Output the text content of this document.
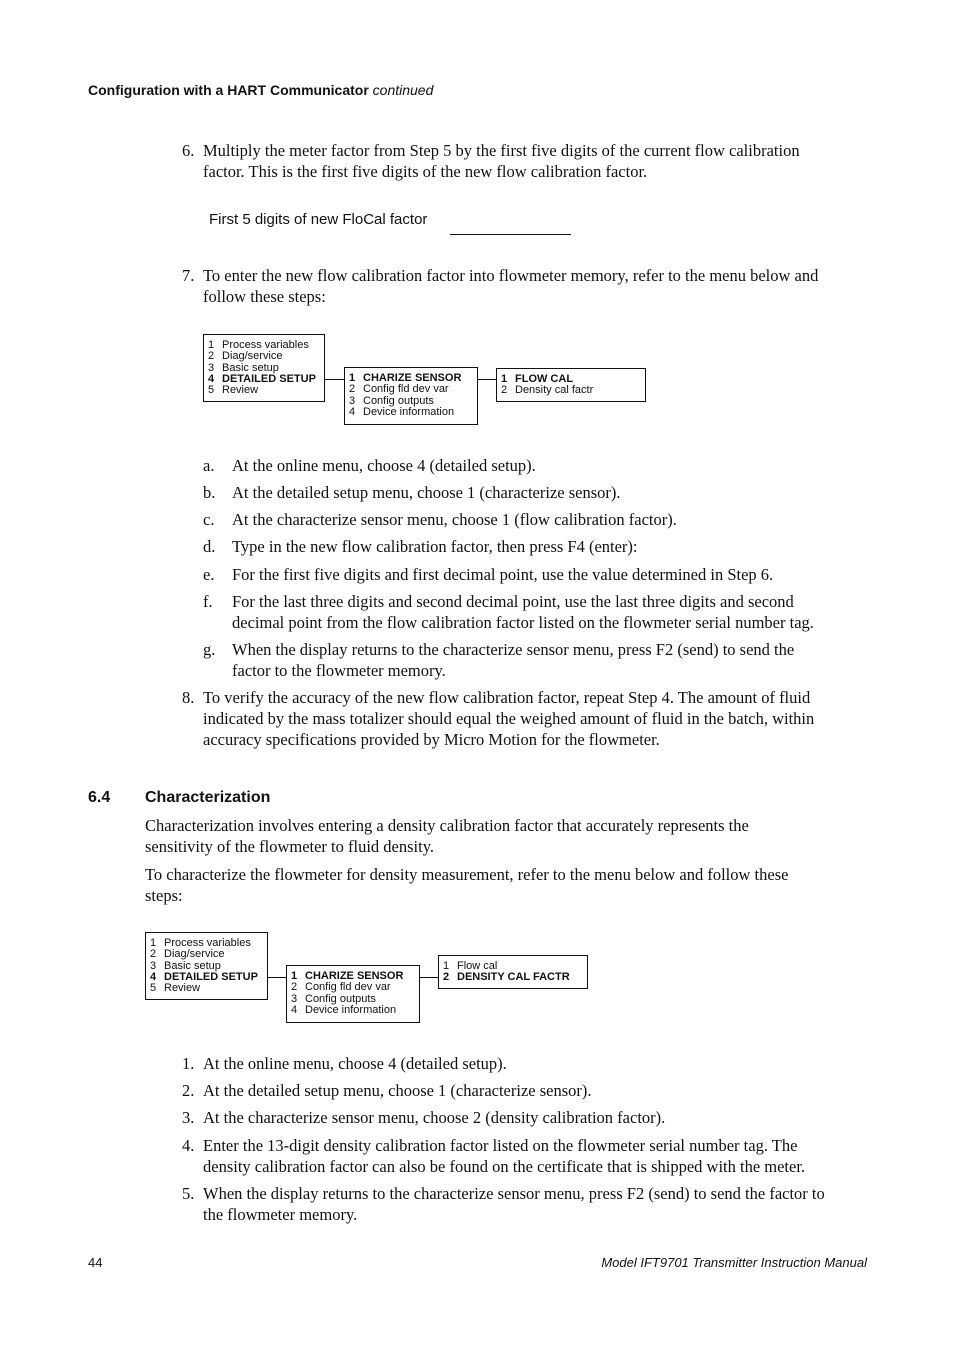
Configuration with a HART Communicator continued
6. Multiply the meter factor from Step 5 by the first five digits of the current flow calibration
factor. This is the first five digits of the new flow calibration factor.
First 5 digits of new FloCal factor
7. To enter the new flow calibration factor into flowmeter memory, refer to the menu below and
follow these steps:
1 Process variables
2 Diag/service
3 Basic setup
4 DETAILED SETUP
5 Review
1 CHARIZE SENSOR
2 Config fld dev var
3 Config outputs
4 Device information
1 FLOW CAL
2 Density cal factr
a. At the online menu, choose 4 (detailed setup).
b. At the detailed setup menu, choose 1 (characterize sensor).
c. At the characterize sensor menu, choose 1 (flow calibration factor).
d. Type in the new flow calibration factor, then press F4 (enter):
e. For the first five digits and first decimal point, use the value determined in Step 6.
f. For the last three digits and second decimal point, use the last three digits and second
decimal point from the flow calibration factor listed on the flowmeter serial number tag.
g. When the display returns to the characterize sensor menu, press F2 (send) to send the
factor to the flowmeter memory.
8. To verify the accuracy of the new flow calibration factor, repeat Step 4. The amount of fluid
indicated by the mass totalizer should equal the weighed amount of fluid in the batch, within
accuracy specifications provided by Micro Motion for the flowmeter.
6.4 Characterization
Characterization involves entering a density calibration factor that accurately represents the
sensitivity of the flowmeter to fluid density.
To characterize the flowmeter for density measurement, refer to the menu below and follow these
steps:
1 Process variables
2 Diag/service
3 Basic setup
4 DETAILED SETUP
5 Review
1 CHARIZE SENSOR
2 Config fld dev var
3 Config outputs
4 Device information
1 Flow cal
2 DENSITY CAL FACTR
1. At the online menu, choose 4 (detailed setup).
2. At the detailed setup menu, choose 1 (characterize sensor).
3. At the characterize sensor menu, choose 2 (density calibration factor).
4. Enter the 13-digit density calibration factor listed on the flowmeter serial number tag. The
density calibration factor can also be found on the certificate that is shipped with the meter.
5. When the display returns to the characterize sensor menu, press F2 (send) to send the factor to
the flowmeter memory.
44	Model IFT9701 Transmitter Instruction Manual
